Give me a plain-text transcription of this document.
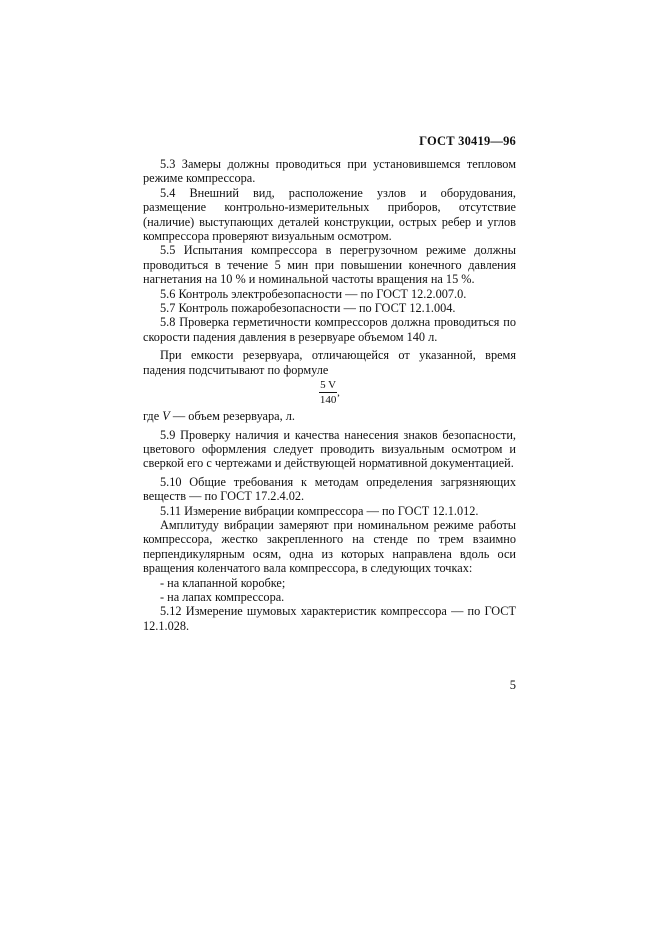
ГОСТ 30419—96

5.3 Замеры должны проводиться при установившемся тепловом режиме компрессора.

5.4 Внешний вид, расположение узлов и оборудования, размещение контрольно-измерительных приборов, отсутствие (наличие) выступающих деталей конструкции, острых ребер и углов компрессора проверяют визуальным осмотром.

5.5 Испытания компрессора в перегрузочном режиме должны проводиться в течение 5 мин при повышении конечного давления нагнетания на 10 % и номинальной частоты вращения на 15 %.

5.6 Контроль электробезопасности — по ГОСТ 12.2.007.0.

5.7 Контроль пожаробезопасности — по ГОСТ 12.1.004.

5.8 Проверка герметичности компрессоров должна проводиться по скорости падения давления в резервуаре объемом 140 л.

При емкости резервуара, отличающейся от указанной, время падения подсчитывают по формуле

$\frac{5 V}{140}$ ,

где V — объем резервуара, л.

5.9 Проверку наличия и качества нанесения знаков безопасности, цветового оформления следует проводить визуальным осмотром и сверкой его с чертежами и действующей нормативной документацией.

5.10 Общие требования к методам определения загрязняющих веществ — по ГОСТ 17.2.4.02.

5.11 Измерение вибрации компрессора — по ГОСТ 12.1.012.

Амплитуду вибрации замеряют при номинальном режиме работы компрессора, жестко закрепленного на стенде по трем взаимно перпендикулярным осям, одна из которых направлена вдоль оси вращения коленчатого вала компрессора, в следующих точках:

- на клапанной коробке;

- на лапах компрессора.

5.12 Измерение шумовых характеристик компрессора — по ГОСТ 12.1.028.

5
